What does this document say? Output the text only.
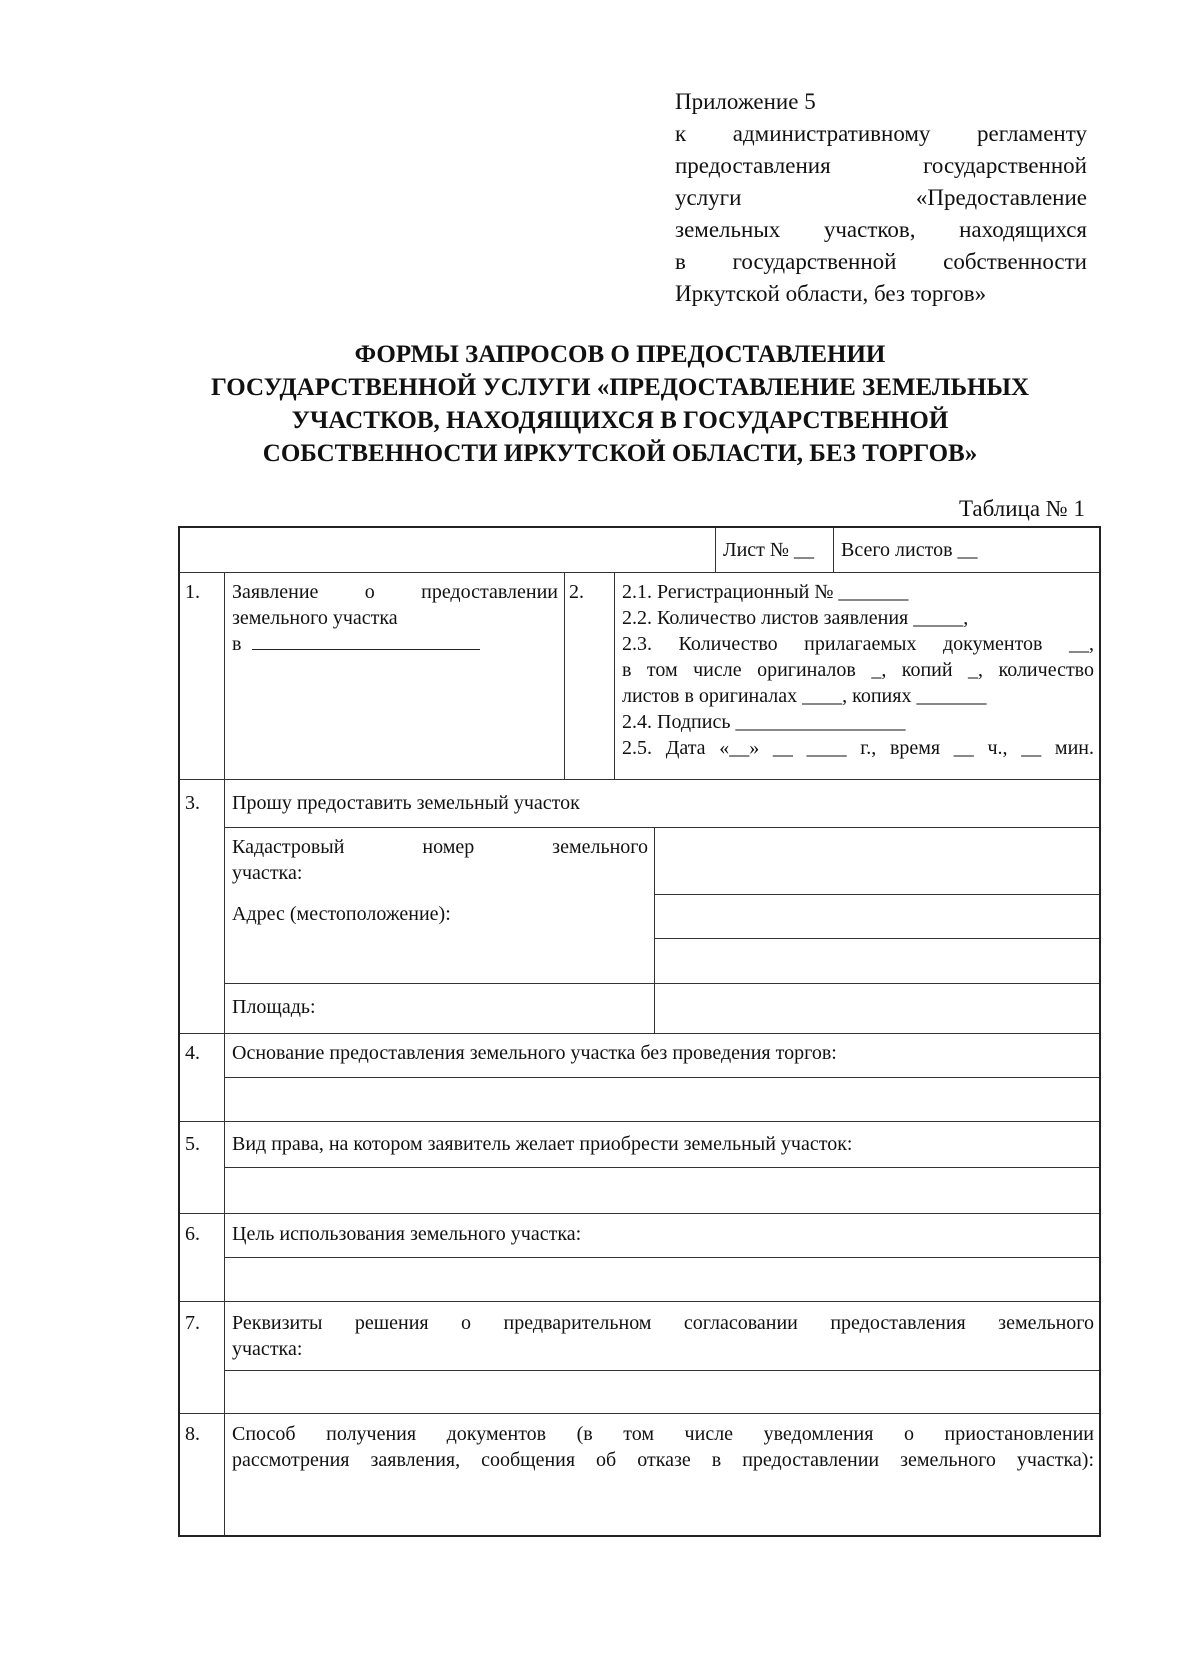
Приложение 5
к административному регламенту
предоставления государственной
услуги «Предоставление
земельных участков, находящихся
в государственной собственности
Иркутской области, без торгов»
ФОРМЫ ЗАПРОСОВ О ПРЕДОСТАВЛЕНИИ
ГОСУДАРСТВЕННОЙ УСЛУГИ «ПРЕДОСТАВЛЕНИЕ ЗЕМЕЛЬНЫХ
УЧАСТКОВ, НАХОДЯЩИХСЯ В ГОСУДАРСТВЕННОЙ
СОБСТВЕННОСТИ ИРКУТСКОЙ ОБЛАСТИ, БЕЗ ТОРГОВ»
Таблица № 1
Лист № __ Всего листов __
1. Заявление о предоставлении
земельного участка
в
2. 2.1. Регистрационный № _______
2.2. Количество листов заявления _____,
2.3. Количество прилагаемых документов __,
в том числе оригиналов _, копий _, количество
листов в оригиналах ____, копиях _______
2.4. Подпись _________________
2.5. Дата «__» __ ____ г., время __ ч., __ мин.
3. Прошу предоставить земельный участок
Кадастровый номер земельного
участка:
Адрес (местоположение):
Площадь:
4. Основание предоставления земельного участка без проведения торгов:
5. Вид права, на котором заявитель желает приобрести земельный участок:
6. Цель использования земельного участка:
7. Реквизиты решения о предварительном согласовании предоставления земельного
участка:
8. Способ получения документов (в том числе уведомления о приостановлении
рассмотрения заявления, сообщения об отказе в предоставлении земельного участка):
